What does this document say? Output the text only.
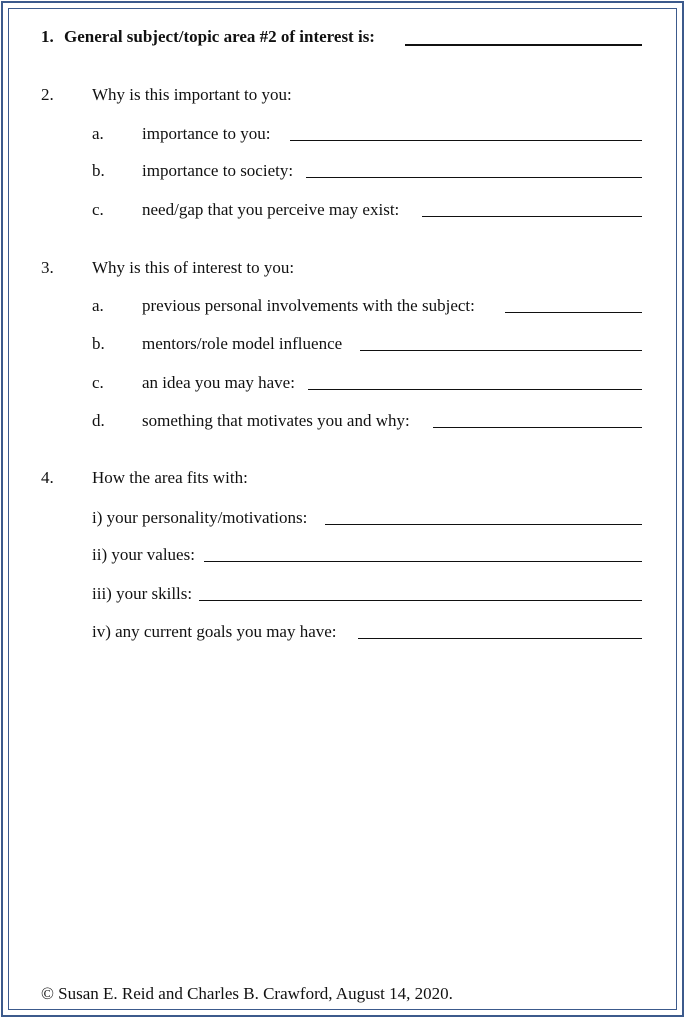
1. General subject/topic area #2 of interest is:
2. Why is this important to you:
a. importance to you:
b. importance to society:
c. need/gap that you perceive may exist:
3. Why is this of interest to you:
a. previous personal involvements with the subject:
b. mentors/role model influence
c. an idea you may have:
d. something that motivates you and why:
4. How the area fits with:
i) your personality/motivations:
ii) your values:
iii) your skills:
iv) any current goals you may have:
© Susan E. Reid and Charles B. Crawford, August 14, 2020.
